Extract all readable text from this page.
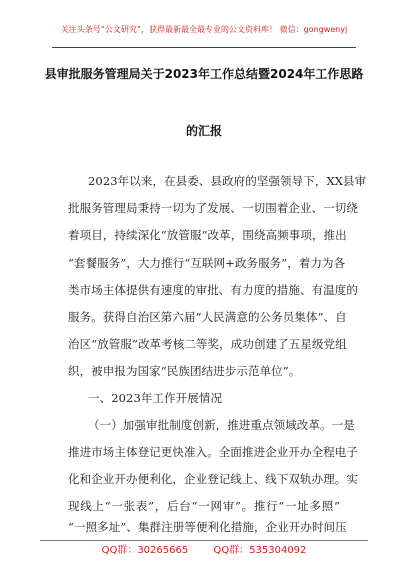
关注头条号“公文研究”，获得最新最全最专业的公文资料库！ 微信：gongwenyj
县审批服务管理局关于2023年工作总结暨2024年工作思路
的汇报
2023年以来，在县委、县政府的坚强领导下，XX县审
批服务管理局秉持一切为了发展、一切围着企业、一切绕
着项目，持续深化“放管服”改革，围绕高频事项，推出
“套餐服务”，大力推行“互联网+政务服务”，着力为各
类市场主体提供有速度的审批、有力度的措施、有温度的
服务。获得自治区第六届“人民满意的公务员集体”、自
治区“放管服”改革考核二等奖，成功创建了五星级党组
织，被申报为国家“民族团结进步示范单位”。
一、2023年工作开展情况
（一）加强审批制度创新，推进重点领域改革。一是
推进市场主体登记更快准入。全面推进企业开办全程电子
化和企业开办便利化，企业登记线上、线下双轨办理。实
现线上“一张表”，后台“一网审”。推行“一址多照”
“一照多址”、集群注册等便利化措施，企业开办时间压
QQ群：30265665	QQ群：535304092
